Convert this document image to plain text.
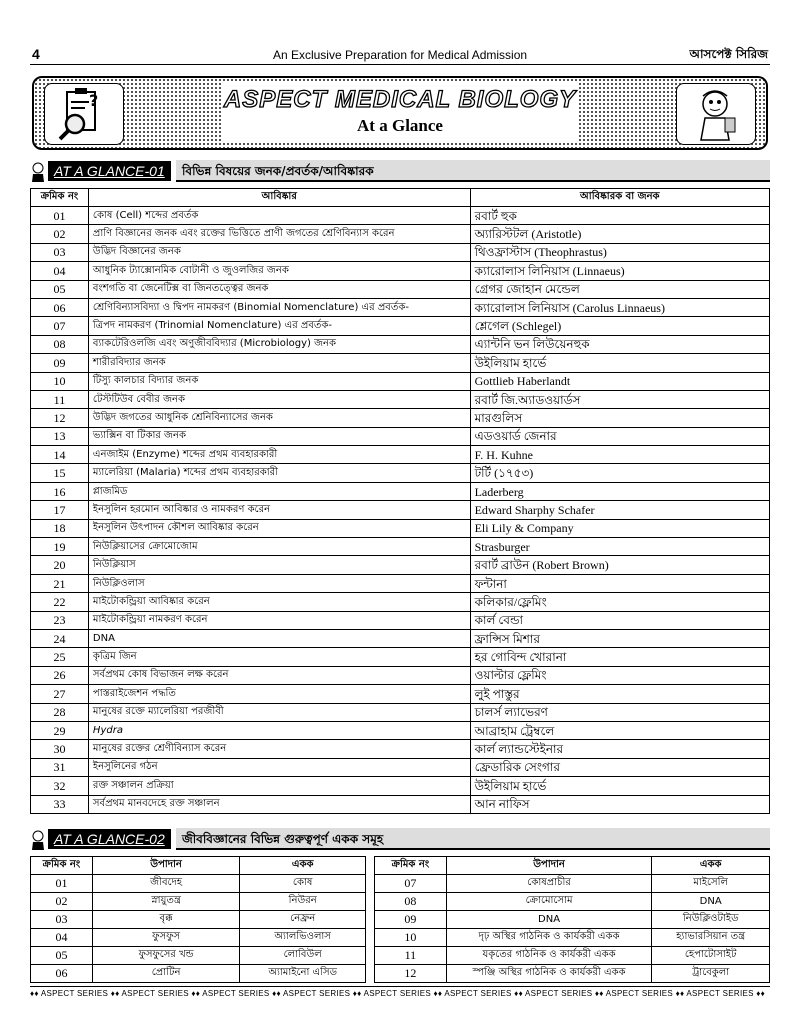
4	An Exclusive Preparation for Medical Admission	আসপেক্ট সিরিজ
?	ASPECT MEDICAL BIOLOGY
At a Glance
AT A GLANCE-01	বিভিন্ন বিষয়ের জনক/প্রবর্তক/আবিষ্কারক
ক্রমিক নং	আবিষ্কার	আবিষ্কারক বা জনক
01	কোষ (Cell) শব্দের প্রবর্তক	রবার্ট হুক
02	প্রাণি বিজ্ঞানের জনক এবং রক্তের ভিত্তিতে প্রাণী জগতের শ্রেণিবিন্যাস করেন	অ্যারিস্টটল (Aristotle)
03	উদ্ভিদ বিজ্ঞানের জনক	থিওফ্রাস্টাস (Theophrastus)
04	আধুনিক ট্যাক্সোনমিক বোটানী ও জুওলজির জনক	ক্যারোলাস লিনিয়াস (Linnaeus)
05	বংশগতি বা জেনেটিক্স বা জিনতত্ত্বের জনক	গ্রেগর জোহান মেন্ডেল
06	শ্রেণিবিন্যাসবিদ্যা ও দ্বিপদ নামকরণ (Binomial Nomenclature) এর প্রবর্তক-	ক্যারোলাস লিনিয়াস (Carolus Linnaeus)
07	ত্রিপদ নামকরণ (Trinomial Nomenclature) এর প্রবর্তক-	শ্লেগেল (Schlegel)
08	ব্যাকটেরিওলজি এবং অণুজীববিদ্যার (Microbiology) জনক	এ্যান্টনি ভন লিউয়েনহুক
09	শারীরবিদ্যার জনক	উইলিয়াম হার্ভে
10	টিস্যু কালচার বিদ্যার জনক	Gottlieb Haberlandt
11	টেস্টটিউব বেবীর জনক	রবার্ট জি.অ্যাডওয়ার্ডস
12	উদ্ভিদ জগতের আধুনিক শ্রেনিবিন্যাসের জনক	মারগুলিস
13	ভ্যাক্সিন বা টিকার জনক	এডওয়ার্ড জেনার
14	এনজাইম (Enzyme) শব্দের প্রথম ব্যবহারকারী	F. H. Kuhne
15	ম্যালেরিয়া (Malaria) শব্দের প্রথম ব্যবহারকারী	টর্টি (১৭৫৩)
16	প্লাজমিড	Laderberg
17	ইনসুলিন হরমোন আবিষ্কার ও নামকরণ করেন	Edward Sharphy Schafer
18	ইনসুলিন উৎপাদন কৌশল আবিষ্কার করেন	Eli Lily & Company
19	নিউক্লিয়াসের ক্রোমোজোম	Strasburger
20	নিউক্লিয়াস	রবার্ট ব্রাউন (Robert Brown)
21	নিউক্লিওলাস	ফন্টানা
22	মাইটোকন্ড্রিয়া আবিষ্কার করেন	কলিকার/ফ্লেমিং
23	মাইটোকন্ড্রিয়া নামকরণ করেন	কার্ল বেন্ডা
24	DNA	ফ্রান্সিস মিশার
25	কৃত্রিম জিন	হর গোবিন্দ খোরানা
26	সর্বপ্রথম কোষ বিভাজন লক্ষ করেন	ওয়াল্টার ফ্লেমিং
27	পাস্তরাইজেশন পদ্ধতি	লুই পাস্তুর
28	মানুষের রক্তে ম্যালেরিয়া পরজীবী	চালর্স ল্যাভেরণ
29	Hydra	আব্রাহাম ট্রেম্বলে
30	মানুষের রক্তের শ্রেণীবিন্যাস করেন	কার্ল ল্যান্ডস্টেইনার
31	ইনসুলিনের গঠন	ফ্রেডারিক সেংগার
32	রক্ত সঞ্চালন প্রক্রিয়া	উইলিয়াম হার্ভে
33	সর্বপ্রথম মানবদেহে রক্ত সঞ্চালন	আন নাফিস
AT A GLANCE-02	জীববিজ্ঞানের বিভিন্ন গুরুত্বপূর্ণ একক সমূহ
ক্রমিক নং	উপাদান	একক
01	জীবদেহ	কোষ
02	স্নায়ুতন্ত্র	নিউরন
03	বৃক্ক	নেফ্রন
04	ফুসফুস	অ্যালভিওলাস
05	ফুসফুসের খন্ড	লোবিউল
06	প্রোটিন	অ্যামাইনো এসিড
ক্রমিক নং	উপাদান	একক
07	কোষপ্রাচীর	মাইসেলি
08	ক্রোমোসোম	DNA
09	DNA	নিউক্লিওটাইড
10	দৃঢ় অস্থির গাঠনিক ও কার্যকরী একক	হ্যাভারসিয়ান তন্ত্র
11	যকৃতের গাঠনিক ও কার্যকরী একক	হেপাটোসাইট
12	স্পঞ্জি অস্থির গাঠনিক ও কার্যকরী একক	ট্রাবেকুলা
♦♦ ASPECT SERIES ♦♦ ASPECT SERIES ♦♦ ASPECT SERIES ♦♦ ASPECT SERIES ♦♦ ASPECT SERIES ♦♦ ASPECT SERIES ♦♦ ASPECT SERIES ♦♦ ASPECT SERIES ♦♦ ASPECT SERIES ♦♦
